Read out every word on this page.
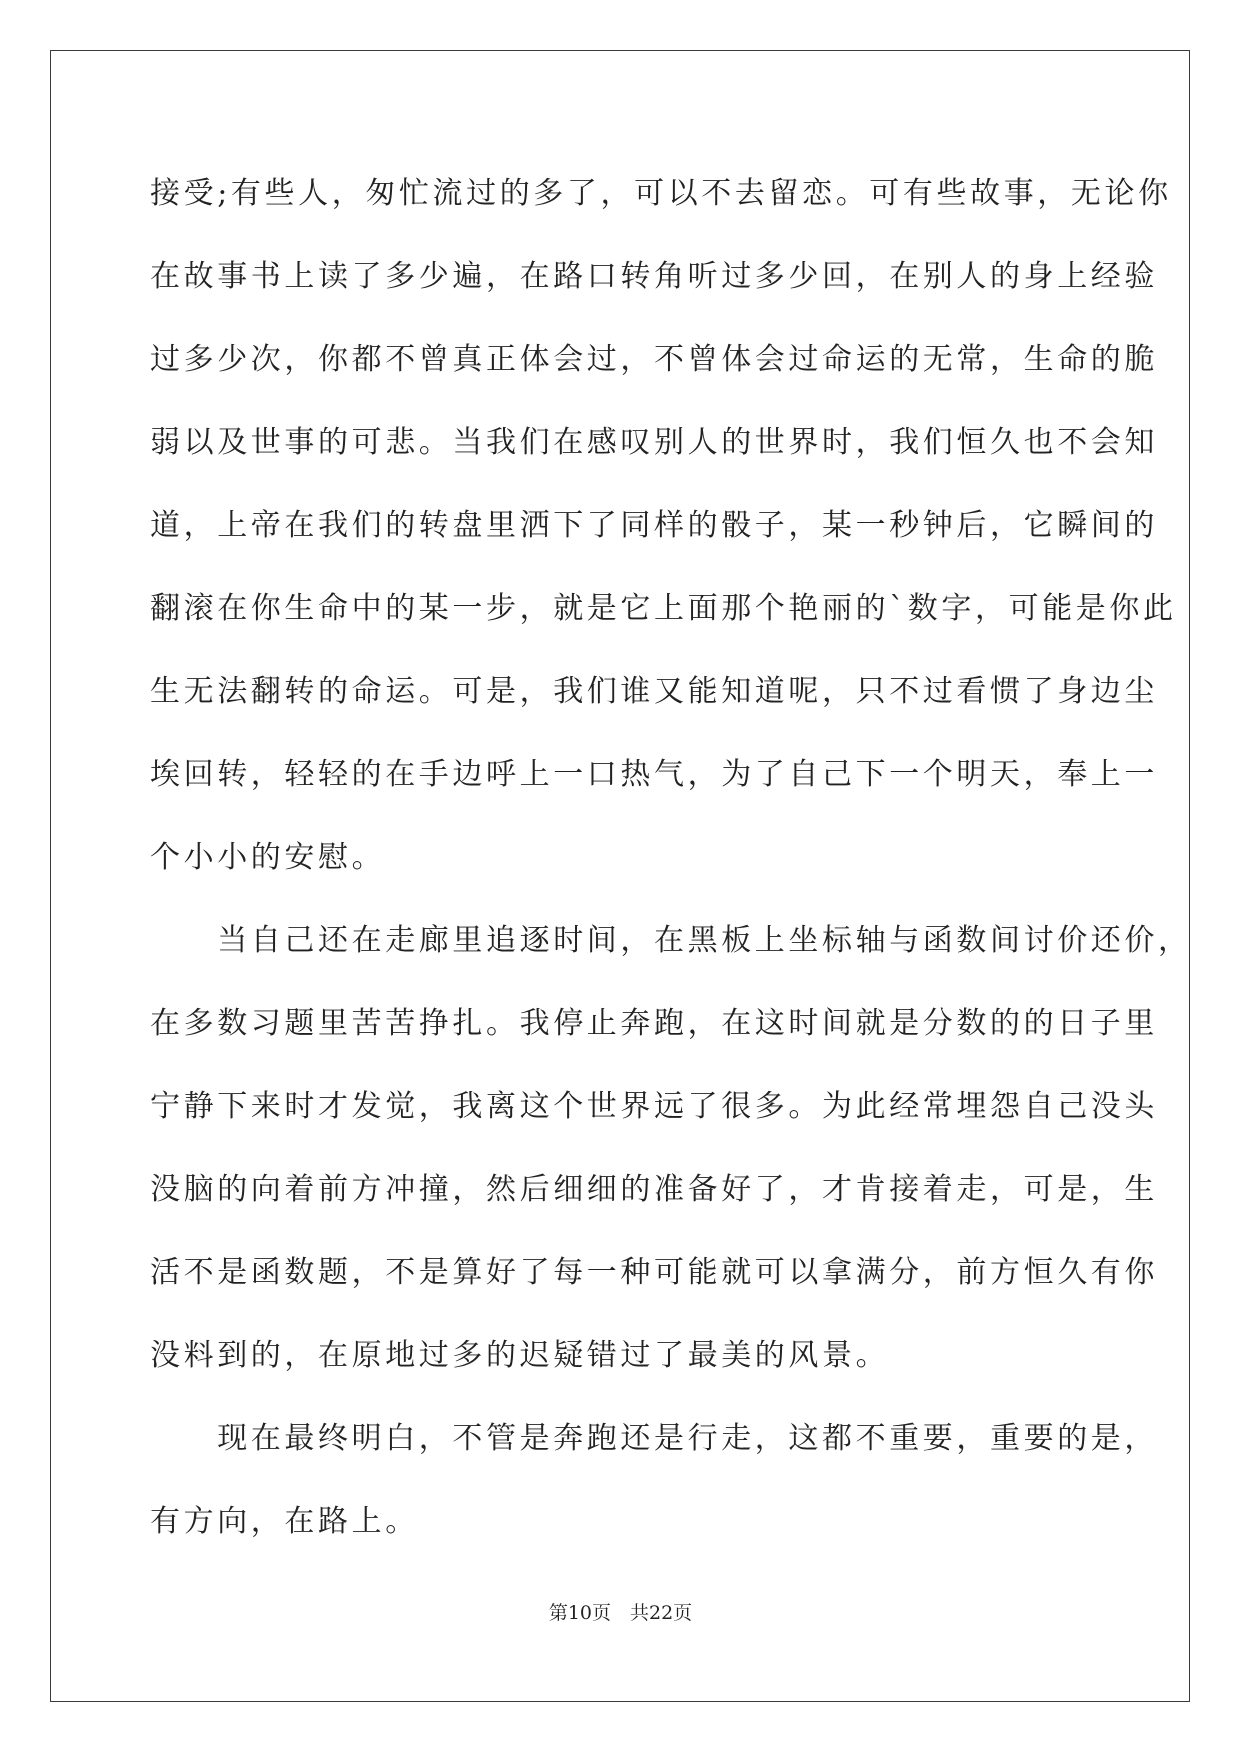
接受;有些人，匆忙流过的多了，可以不去留恋。可有些故事，无论你
在故事书上读了多少遍，在路口转角听过多少回，在别人的身上经验
过多少次，你都不曾真正体会过，不曾体会过命运的无常，生命的脆
弱以及世事的可悲。当我们在感叹别人的世界时，我们恒久也不会知
道，上帝在我们的转盘里洒下了同样的骰子，某一秒钟后，它瞬间的
翻滚在你生命中的某一步，就是它上面那个艳丽的`数字，可能是你此
生无法翻转的命运。可是，我们谁又能知道呢，只不过看惯了身边尘
埃回转，轻轻的在手边呼上一口热气，为了自己下一个明天，奉上一
个小小的安慰。
　　当自己还在走廊里追逐时间，在黑板上坐标轴与函数间讨价还价，
在多数习题里苦苦挣扎。我停止奔跑，在这时间就是分数的的日子里
宁静下来时才发觉，我离这个世界远了很多。为此经常埋怨自己没头
没脑的向着前方冲撞，然后细细的准备好了，才肯接着走，可是，生
活不是函数题，不是算好了每一种可能就可以拿满分，前方恒久有你
没料到的，在原地过多的迟疑错过了最美的风景。
　　现在最终明白，不管是奔跑还是行走，这都不重要，重要的是，
有方向，在路上。
第10页　共22页
